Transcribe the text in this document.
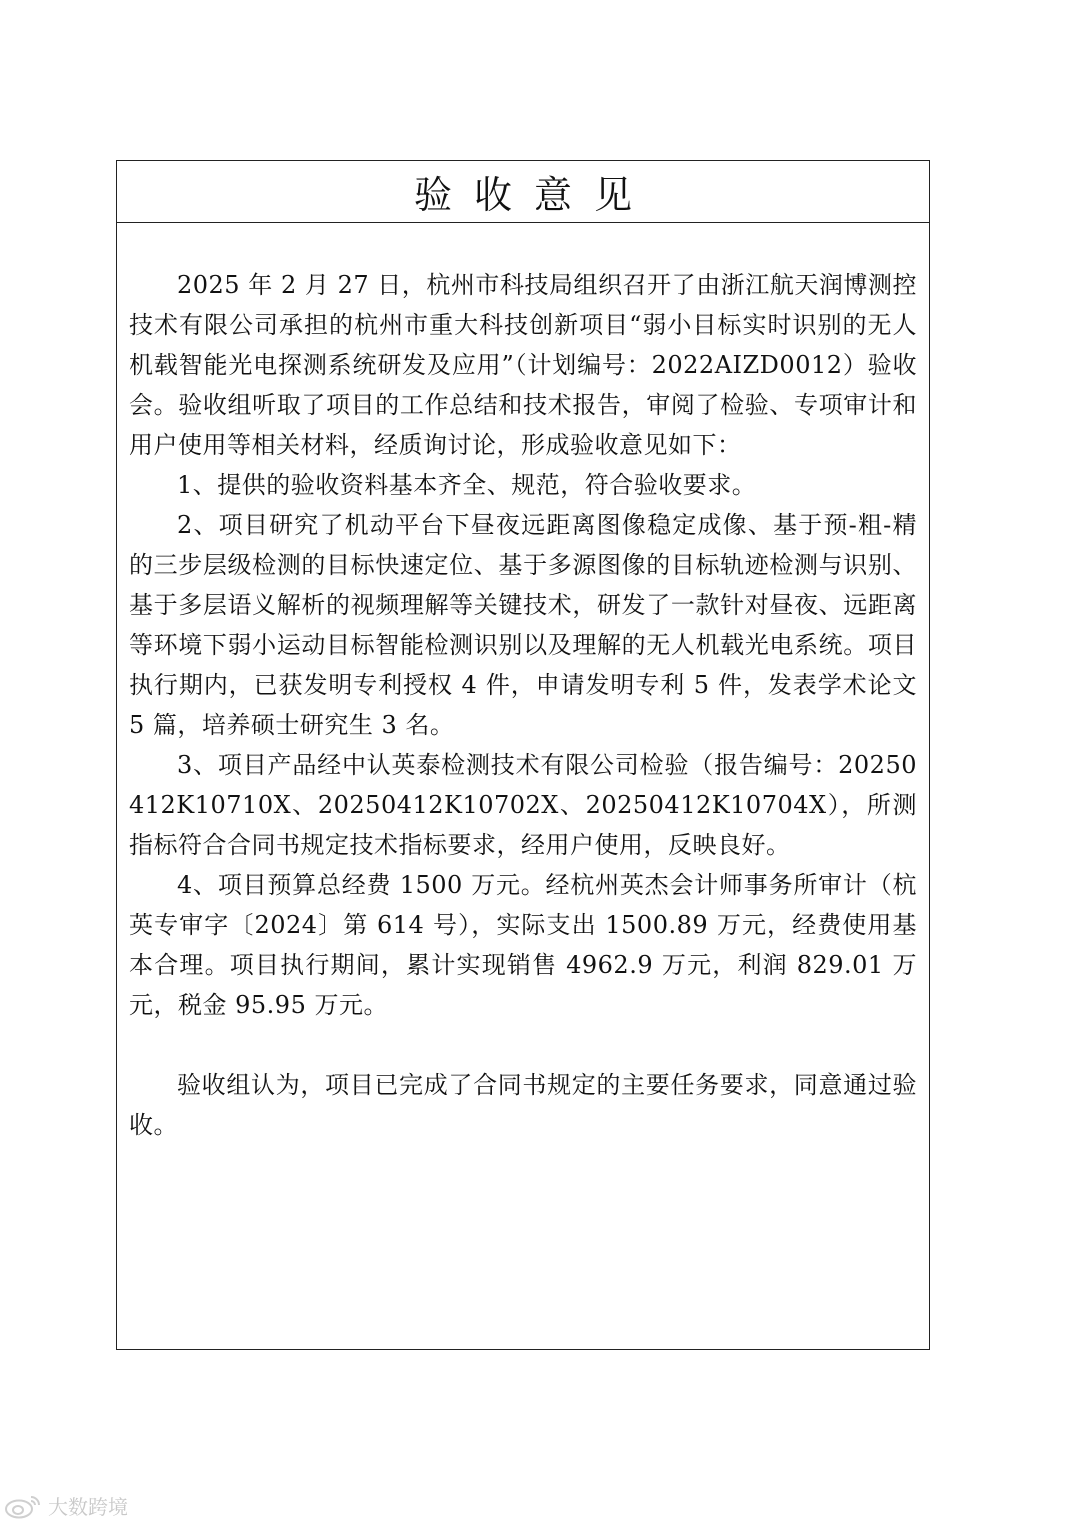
验收意见

2025 年 2 月 27 日，杭州市科技局组织召开了由浙江航天润博测控技术有限公司承担的杭州市重大科技创新项目“弱小目标实时识别的无人机载智能光电探测系统研发及应用”（计划编号：2022AIZD0012）验收会。验收组听取了项目的工作总结和技术报告，审阅了检验、专项审计和用户使用等相关材料，经质询讨论，形成验收意见如下：

1、提供的验收资料基本齐全、规范，符合验收要求。

2、项目研究了机动平台下昼夜远距离图像稳定成像、基于预-粗-精的三步层级检测的目标快速定位、基于多源图像的目标轨迹检测与识别、基于多层语义解析的视频理解等关键技术，研发了一款针对昼夜、远距离等环境下弱小运动目标智能检测识别以及理解的无人机载光电系统。项目执行期内，已获发明专利授权 4 件，申请发明专利 5 件，发表学术论文 5 篇，培养硕士研究生 3 名。

3、项目产品经中认英泰检测技术有限公司检验（报告编号：20250412K10710X、20250412K10702X、20250412K10704X），所测指标符合合同书规定技术指标要求，经用户使用，反映良好。

4、项目预算总经费 1500 万元。经杭州英杰会计师事务所审计（杭英专审字〔2024〕第 614 号），实际支出 1500.89 万元，经费使用基本合理。项目执行期间，累计实现销售 4962.9 万元，利润 829.01 万元，税金 95.95 万元。

验收组认为，项目已完成了合同书规定的主要任务要求，同意通过验收。

大数跨境
